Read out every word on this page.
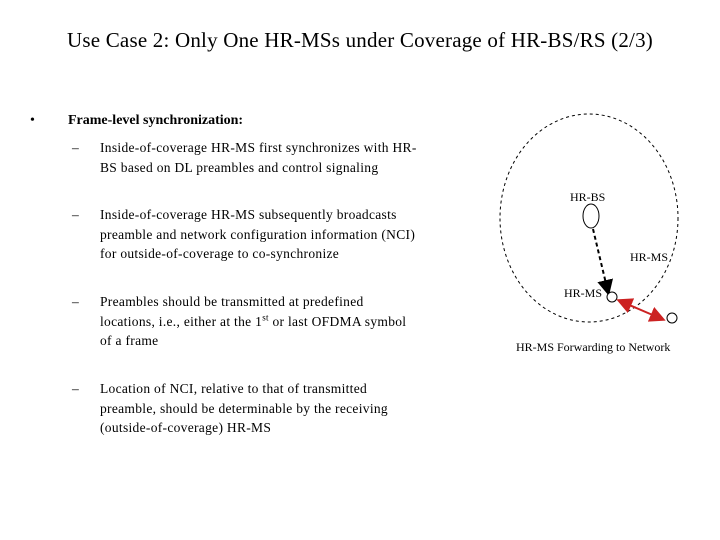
Use Case 2: Only One HR-MSs under Coverage of HR-BS/RS (2/3)
• Frame-level synchronization:
– Inside-of-coverage HR-MS first synchronizes with HR-
BS based on DL preambles and control signaling
– Inside-of-coverage HR-MS subsequently broadcasts
preamble and network configuration information (NCI)
for outside-of-coverage to co-synchronize
– Preambles should be transmitted at predefined
locations, i.e., either at the 1st or last OFDMA symbol
of a frame
– Location of NCI, relative to that of transmitted
preamble, should be determinable by the receiving
(outside-of-coverage) HR-MS
HR-BS
HR-MS
HR-MS
HR-MS Forwarding to Network
